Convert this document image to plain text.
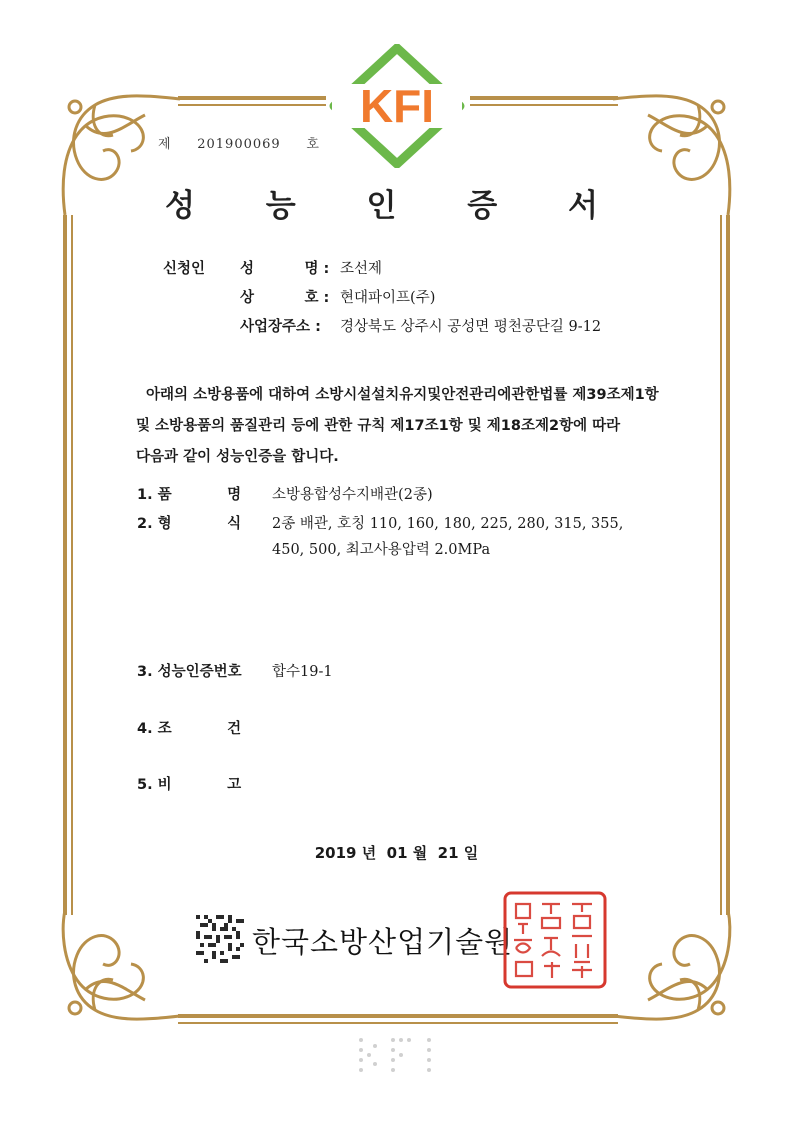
KFI
제 201900069 호
성 능 인 증 서
신청인 성          명 : 조선제
상          호 : 현대파이프(주)
사업장주소 : 경상북도 상주시 공성면 평천공단길 9-12
아래의 소방용품에 대하여 소방시설설치유지및안전관리에관한법률 제39조제1항
및 소방용품의 품질관리 등에 관한 규칙 제17조1항 및 제18조제2항에 따라
다음과 같이 성능인증을 합니다.
1. 품           명 소방용합성수지배관(2종)
2. 형           식 2종 배관, 호칭 110, 160, 180, 225, 280, 315, 355,
450, 500, 최고사용압력 2.0MPa
3. 성능인증번호 합수19-1
4. 조           건
5. 비           고
2019 년  01 월  21 일
한국소방산업기술원
